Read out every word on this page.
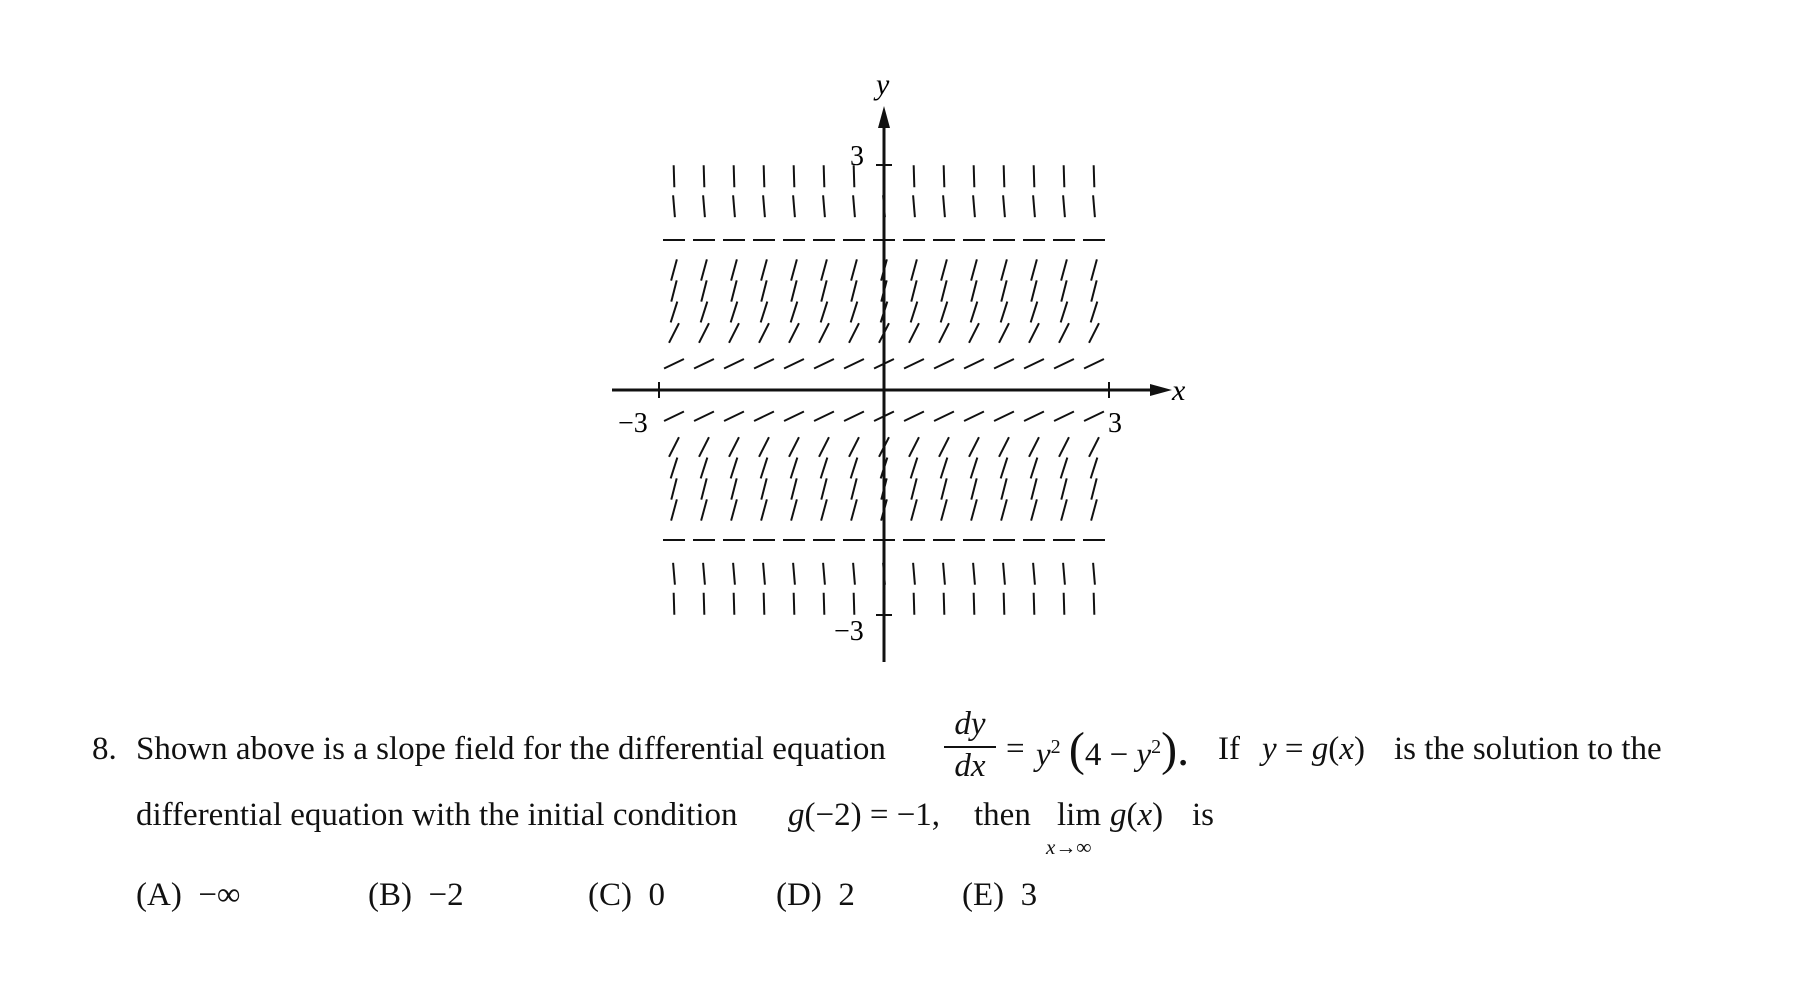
x
y
−3	3
3
−3
8. Shown above is a slope field for the differential equation
dy
dx = $y^2$ $(4 - y^2)$. If y = g(x) is the solution to the
differential equation with the initial condition g(−2) = −1, then lim
x→∞
g(x) is
(A) −∞	(B) −2	(C) 0	(D) 2	(E) 3
